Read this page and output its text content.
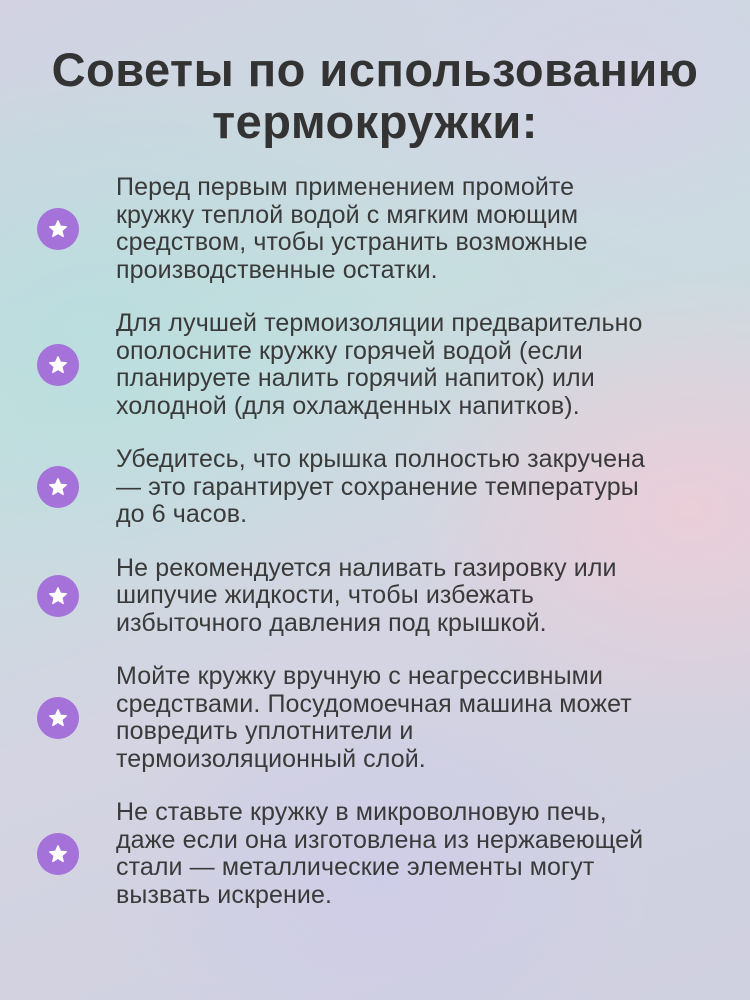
Советы по использованию
термокружки:
Перед первым применением промойте
кружку теплой водой с мягким моющим
средством, чтобы устранить возможные
производственные остатки.
Для лучшей термоизоляции предварительно
ополосните кружку горячей водой (если
планируете налить горячий напиток) или
холодной (для охлажденных напитков).
Убедитесь, что крышка полностью закручена
— это гарантирует сохранение температуры
до 6 часов.
Не рекомендуется наливать газировку или
шипучие жидкости, чтобы избежать
избыточного давления под крышкой.
Мойте кружку вручную с неагрессивными
средствами. Посудомоечная машина может
повредить уплотнители и
термоизоляционный слой.
Не ставьте кружку в микроволновую печь,
даже если она изготовлена из нержавеющей
стали — металлические элементы могут
вызвать искрение.
